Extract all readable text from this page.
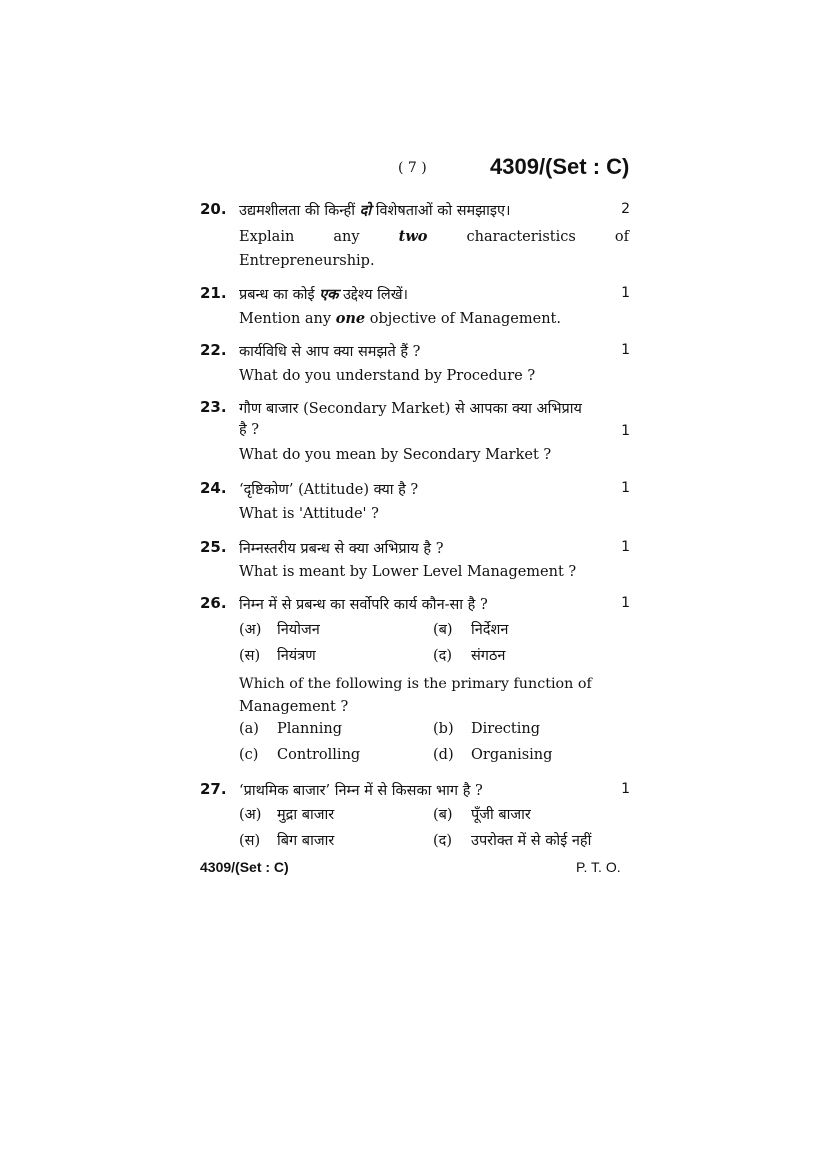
( 7 )	4309/(Set : C)
20. उद्यमशीलता की किन्हीं दो विशेषताओं को समझाइए।	2
Explain	any	two	characteristics	of
Entrepreneurship.
21. प्रबन्ध का कोई एक उद्देश्य लिखें।	1
Mention any one objective of Management.
22. कार्यविधि से आप क्या समझते हैं ?	1
What do you understand by Procedure ?
23. गौण बाजार (Secondary Market) से आपका क्या अभिप्राय
है ?	1
What do you mean by Secondary Market ?
24. ‘दृष्टिकोण’ (Attitude) क्या है ?	1
What is 'Attitude' ?
25. निम्नस्तरीय प्रबन्ध से क्या अभिप्राय है ?	1
What is meant by Lower Level Management ?
26. निम्न में से प्रबन्ध का सर्वोपरि कार्य कौन-सा है ?	1
(अ) नियोजन	(ब) निर्देशन
(स) नियंत्रण	(द) संगठन
Which of the following is the primary function of
Management ?
(a) Planning	(b) Directing
(c) Controlling	(d) Organising
27. ‘प्राथमिक बाजार’ निम्न में से किसका भाग है ?	1
(अ) मुद्रा बाजार	(ब) पूँजी बाजार
(स) बिग बाजार	(द) उपरोक्त में से कोई नहीं
4309/(Set : C)	P. T. O.
